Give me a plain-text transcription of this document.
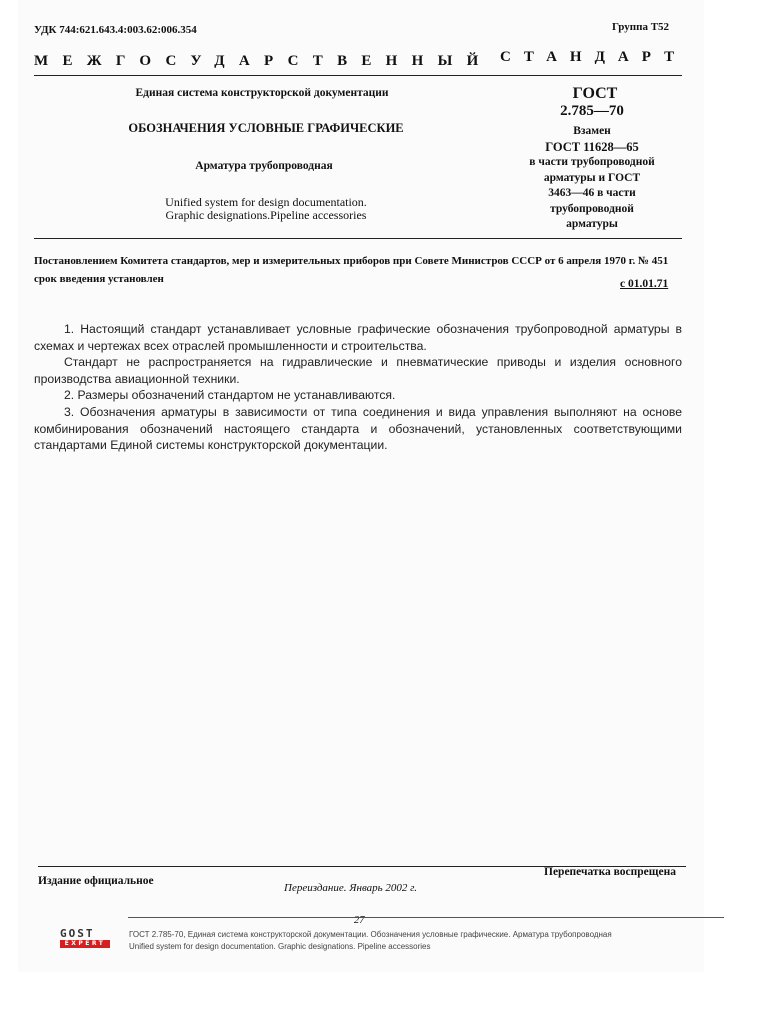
УДК 744:621.643.4:003.62:006.354	Группа Т52
МЕЖГОСУДАРСТВЕННЫЙ СТАНДАРТ
Единая система конструкторской документации
ОБОЗНАЧЕНИЯ УСЛОВНЫЕ ГРАФИЧЕСКИЕ
Арматура трубопроводная
Unified system for design documentation.
Graphic designations.Pipeline accessories
ГОСТ
2.785—70
Взамен
ГОСТ 11628—65
в части трубопроводной
арматуры и ГОСТ
3463—46 в части
трубопроводной
арматуры
Постановлением Комитета стандартов, мер и измерительных приборов при Совете Министров СССР от 6 апреля 1970 г. № 451 срок введения установлен	с 01.01.71

1. Настоящий стандарт устанавливает условные графические обозначения трубопроводной арматуры в схемах и чертежах всех отраслей промышленности и строительства.

Стандарт не распространяется на гидравлические и пневматические приводы и изделия основного производства авиационной техники.

2. Размеры обозначений стандартом не устанавливаются.

3. Обозначения арматуры в зависимости от типа соединения и вида управления выполняют на основе комбинирования обозначений настоящего стандарта и обозначений, установленных соответствующими стандартами Единой системы конструкторской документации.

Издание официальное
Перепечатка воспрещена
Переиздание. Январь 2002 г.
27
GOST
EXPERT
ГОСТ 2.785-70, Единая система конструкторской документации. Обозначения условные графические. Арматура трубопроводная
Unified system for design documentation. Graphic designations. Pipeline accessories
